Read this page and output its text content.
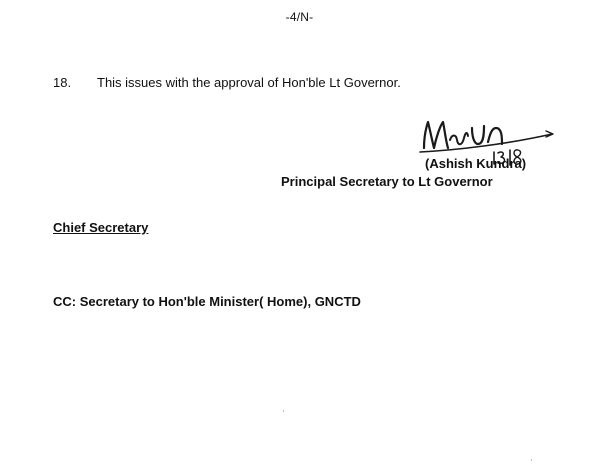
-4/N-
18. This issues with the approval of Hon'ble Lt Governor.
(Ashish Kundra)
Principal Secretary to Lt Governor
Chief Secretary
CC: Secretary to Hon'ble Minister( Home), GNCTD
